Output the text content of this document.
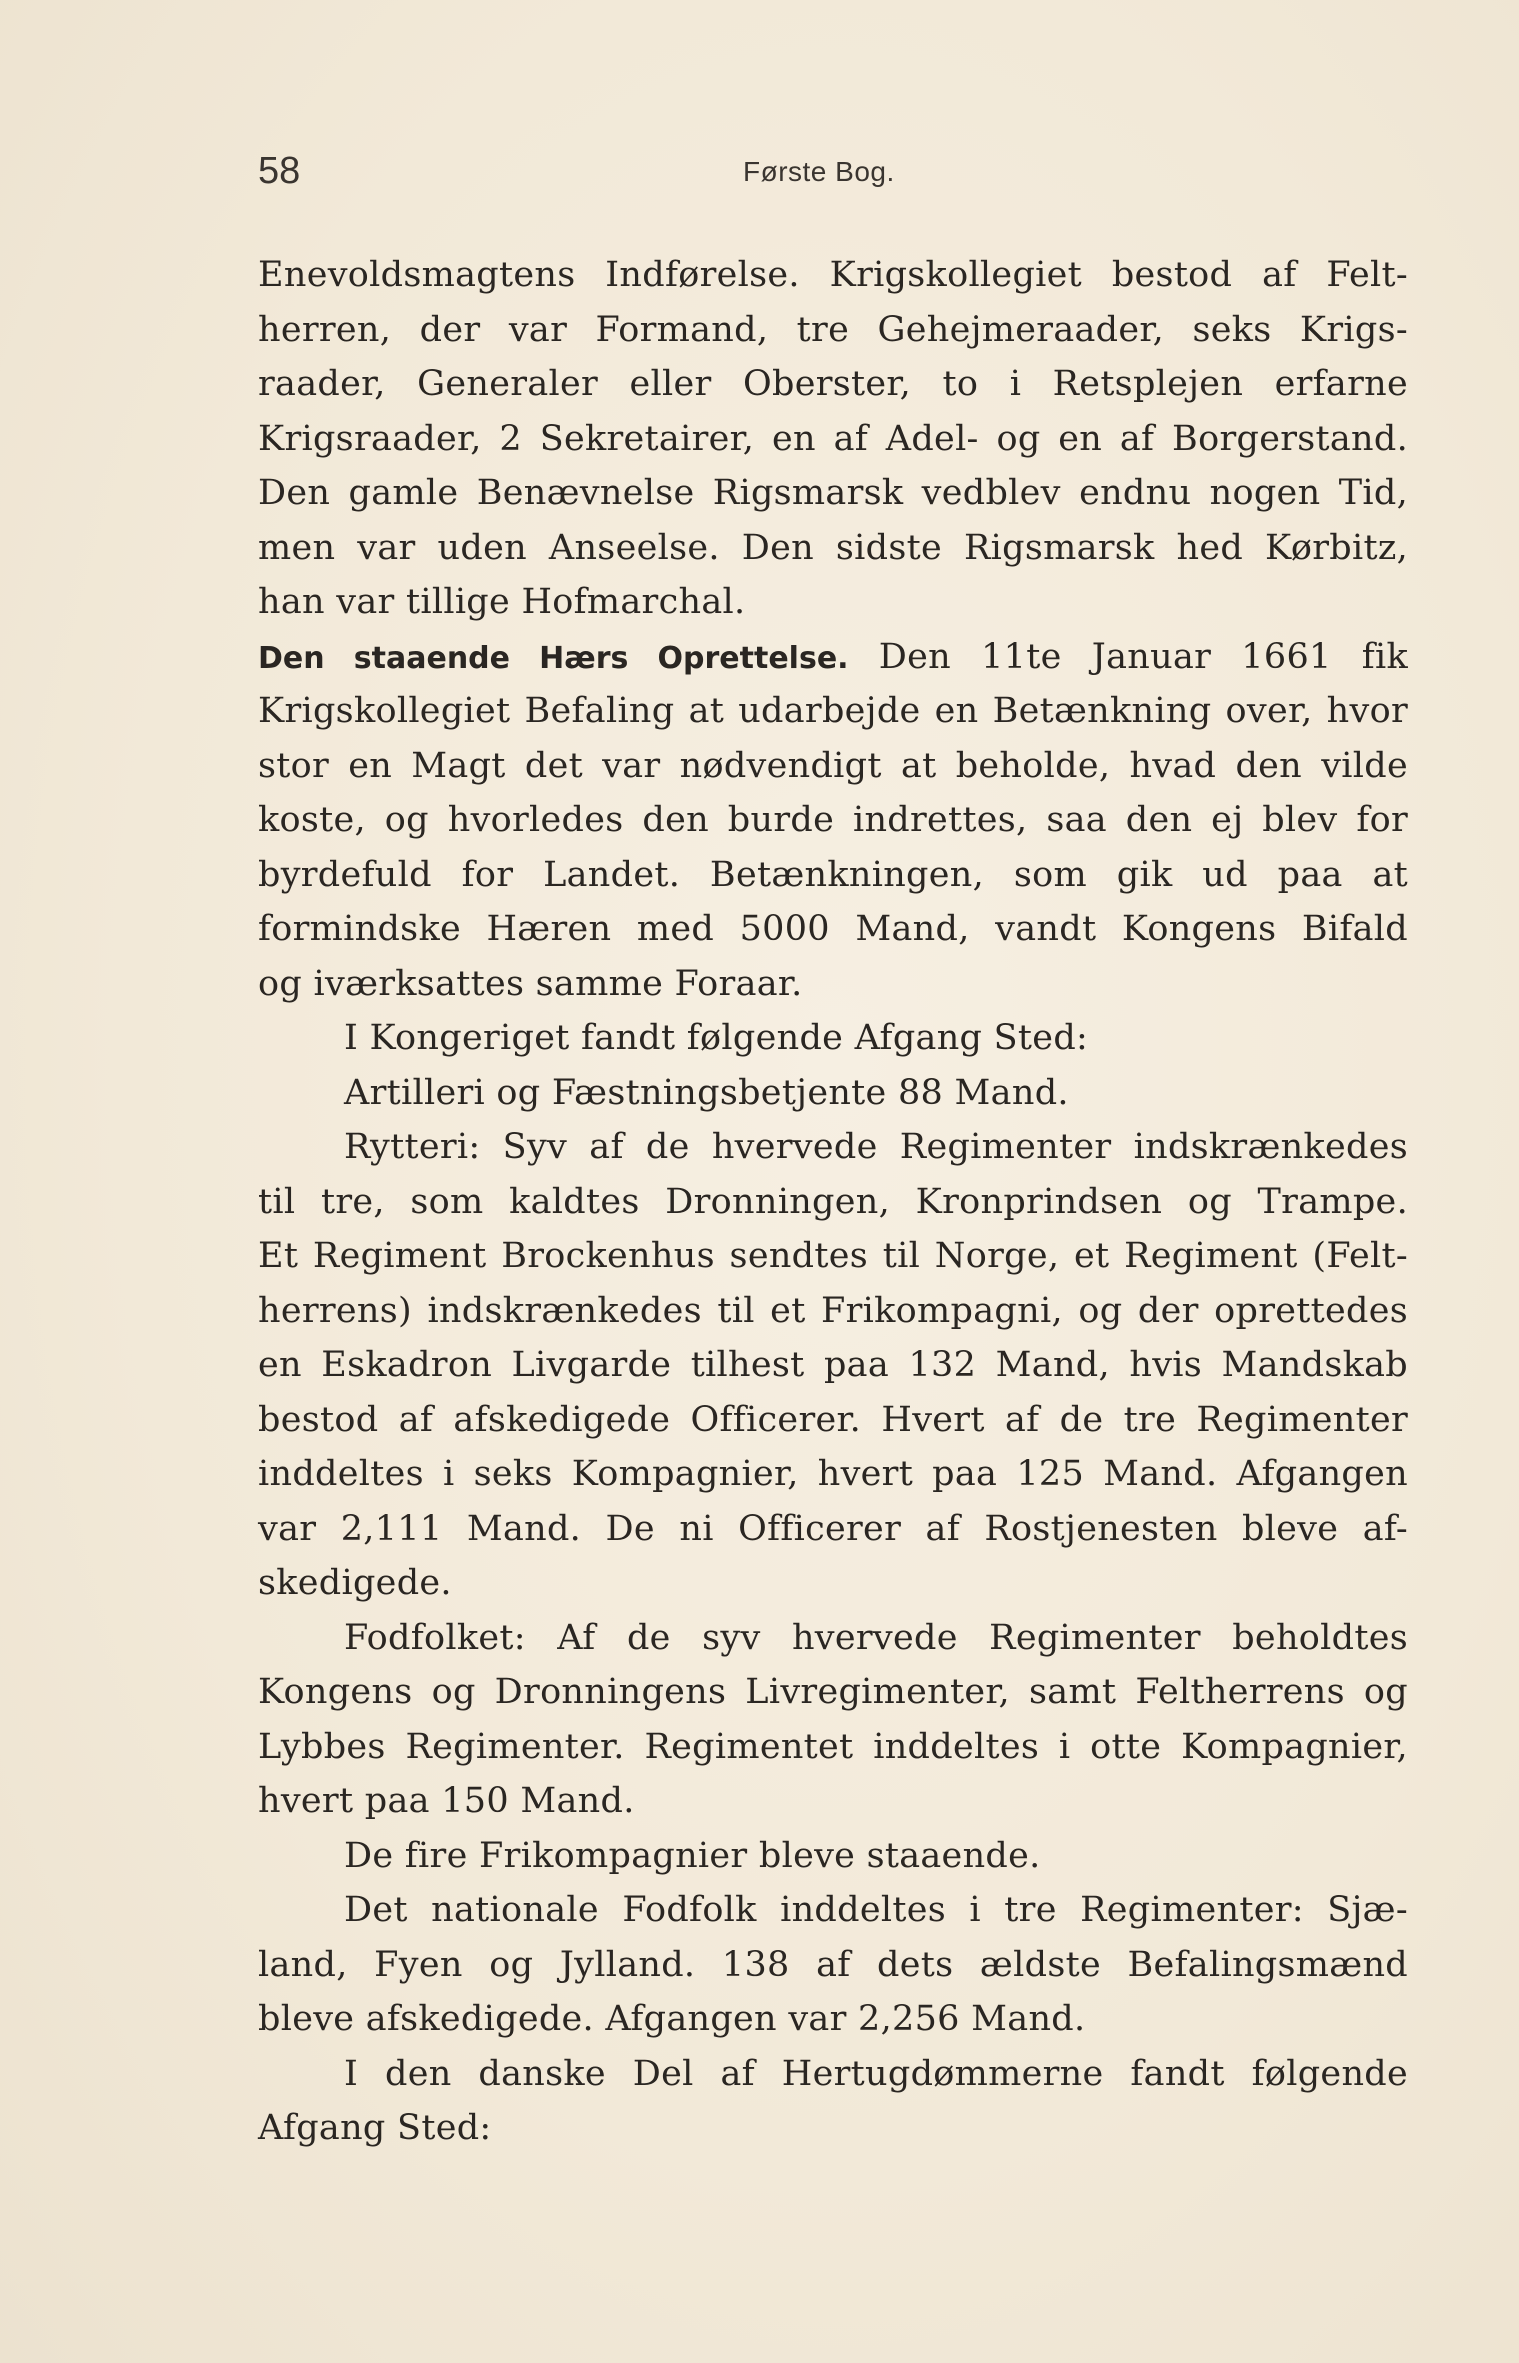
58	Første Bog.
Enevoldsmagtens Indførelse. Krigskollegiet bestod af Felt-
herren, der var Formand, tre Gehejmeraader, seks Krigs-
raader, Generaler eller Oberster, to i Retsplejen erfarne
Krigsraader, 2 Sekretairer, en af Adel- og en af Borgerstand.
Den gamle Benævnelse Rigsmarsk vedblev endnu nogen Tid,
men var uden Anseelse. Den sidste Rigsmarsk hed Kørbitz,
han var tillige Hofmarchal.
Den staaende Hærs Oprettelse. Den 11te Januar 1661 fik
Krigskollegiet Befaling at udarbejde en Betænkning over, hvor
stor en Magt det var nødvendigt at beholde, hvad den vilde
koste, og hvorledes den burde indrettes, saa den ej blev for
byrdefuld for Landet. Betænkningen, som gik ud paa at
formindske Hæren med 5000 Mand, vandt Kongens Bifald
og iværksattes samme Foraar.
I Kongeriget fandt følgende Afgang Sted:
Artilleri og Fæstningsbetjente 88 Mand.
Rytteri: Syv af de hvervede Regimenter indskrænkedes
til tre, som kaldtes Dronningen, Kronprindsen og Trampe.
Et Regiment Brockenhus sendtes til Norge, et Regiment (Felt-
herrens) indskrænkedes til et Frikompagni, og der oprettedes
en Eskadron Livgarde tilhest paa 132 Mand, hvis Mandskab
bestod af afskedigede Officerer. Hvert af de tre Regimenter
inddeltes i seks Kompagnier, hvert paa 125 Mand. Afgangen
var 2,111 Mand. De ni Officerer af Rostjenesten bleve af-
skedigede.
Fodfolket: Af de syv hvervede Regimenter beholdtes
Kongens og Dronningens Livregimenter, samt Feltherrens og
Lybbes Regimenter. Regimentet inddeltes i otte Kompagnier,
hvert paa 150 Mand.
De fire Frikompagnier bleve staaende.
Det nationale Fodfolk inddeltes i tre Regimenter: Sjæ-
land, Fyen og Jylland. 138 af dets ældste Befalingsmænd
bleve afskedigede. Afgangen var 2,256 Mand.
I den danske Del af Hertugdømmerne fandt følgende
Afgang Sted:
